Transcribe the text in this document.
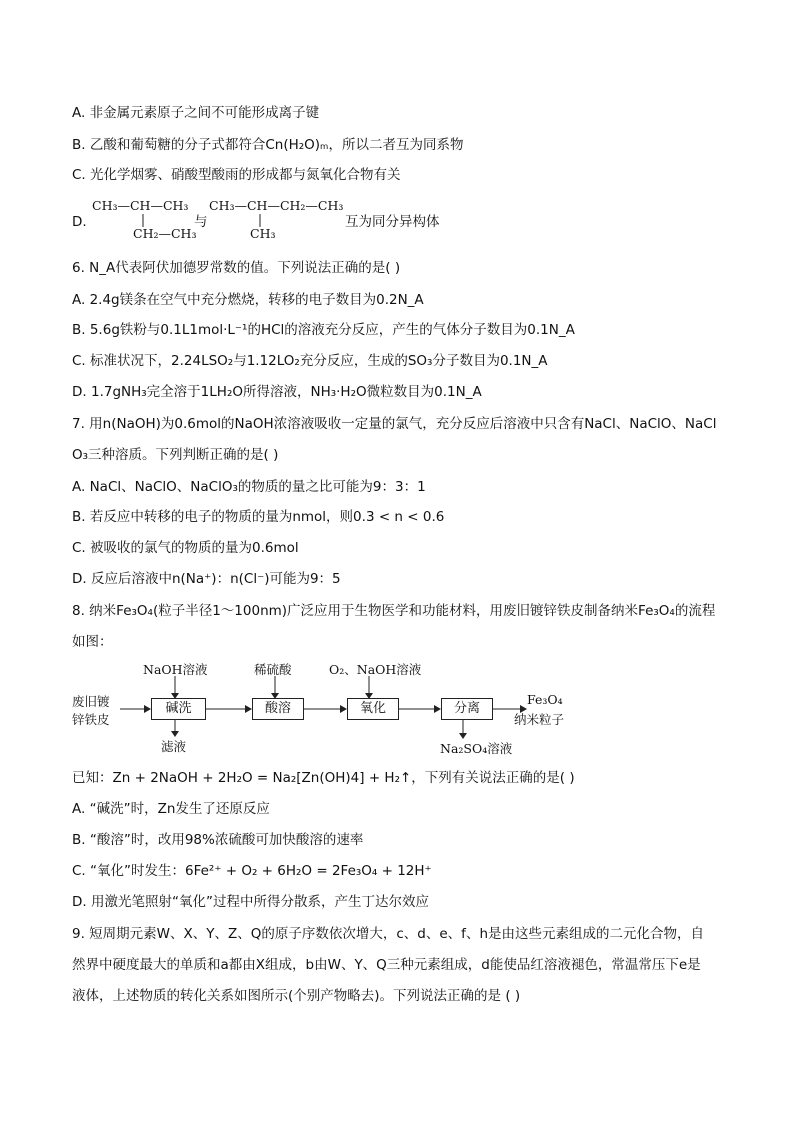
A. 非金属元素原子之间不可能形成离子键
B. 乙酸和葡萄糖的分子式都符合Cn(H₂O)ₘ，所以二者互为同系物
C. 光化学烟雾、硝酸型酸雨的形成都与氮氧化合物有关
D.
CH₃—CH—CH₃
CH₂—CH₃
与
CH₃—CH—CH₂—CH₃
CH₃
互为同分异构体
6. N_A代表阿伏加德罗常数的值。下列说法正确的是( )
A. 2.4g镁条在空气中充分燃烧，转移的电子数目为0.2N_A
B. 5.6g铁粉与0.1L1mol·L⁻¹的HCl的溶液充分反应，产生的气体分子数目为0.1N_A
C. 标准状况下，2.24LSO₂与1.12LO₂充分反应，生成的SO₃分子数目为0.1N_A
D. 1.7gNH₃完全溶于1LH₂O所得溶液，NH₃·H₂O微粒数目为0.1N_A
7. 用n(NaOH)为0.6mol的NaOH浓溶液吸收一定量的氯气，充分反应后溶液中只含有NaCl、NaClO、NaCl
O₃三种溶质。下列判断正确的是( )
A. NaCl、NaClO、NaClO₃的物质的量之比可能为9：3：1
B. 若反应中转移的电子的物质的量为nmol，则0.3 < n < 0.6
C. 被吸收的氯气的物质的量为0.6mol
D. 反应后溶液中n(Na⁺)：n(Cl⁻)可能为9：5
8. 纳米Fe₃O₄(粒子半径1～100nm)广泛应用于生物医学和功能材料，用废旧镀锌铁皮制备纳米Fe₃O₄的流程
如图：
废旧镀
锌铁皮
NaOH溶液	稀硫酸	O₂、NaOH溶液
碱洗	酸溶	氧化	分离
滤液	Na₂SO₄溶液
Fe₃O₄
纳米粒子
已知：Zn + 2NaOH + 2H₂O = Na₂[Zn(OH)4] + H₂↑，下列有关说法正确的是( )
A. “碱洗”时，Zn发生了还原反应
B. “酸溶”时，改用98%浓硫酸可加快酸溶的速率
C. “氧化”时发生：6Fe²⁺ + O₂ + 6H₂O = 2Fe₃O₄ + 12H⁺
D. 用激光笔照射“氧化”过程中所得分散系，产生丁达尔效应
9. 短周期元素W、X、Y、Z、Q的原子序数依次增大，c、d、e、f、h是由这些元素组成的二元化合物，自
然界中硬度最大的单质和a都由X组成，b由W、Y、Q三种元素组成，d能使品红溶液褪色，常温常压下e是
液体，上述物质的转化关系如图所示(个别产物略去)。下列说法正确的是 ( )
